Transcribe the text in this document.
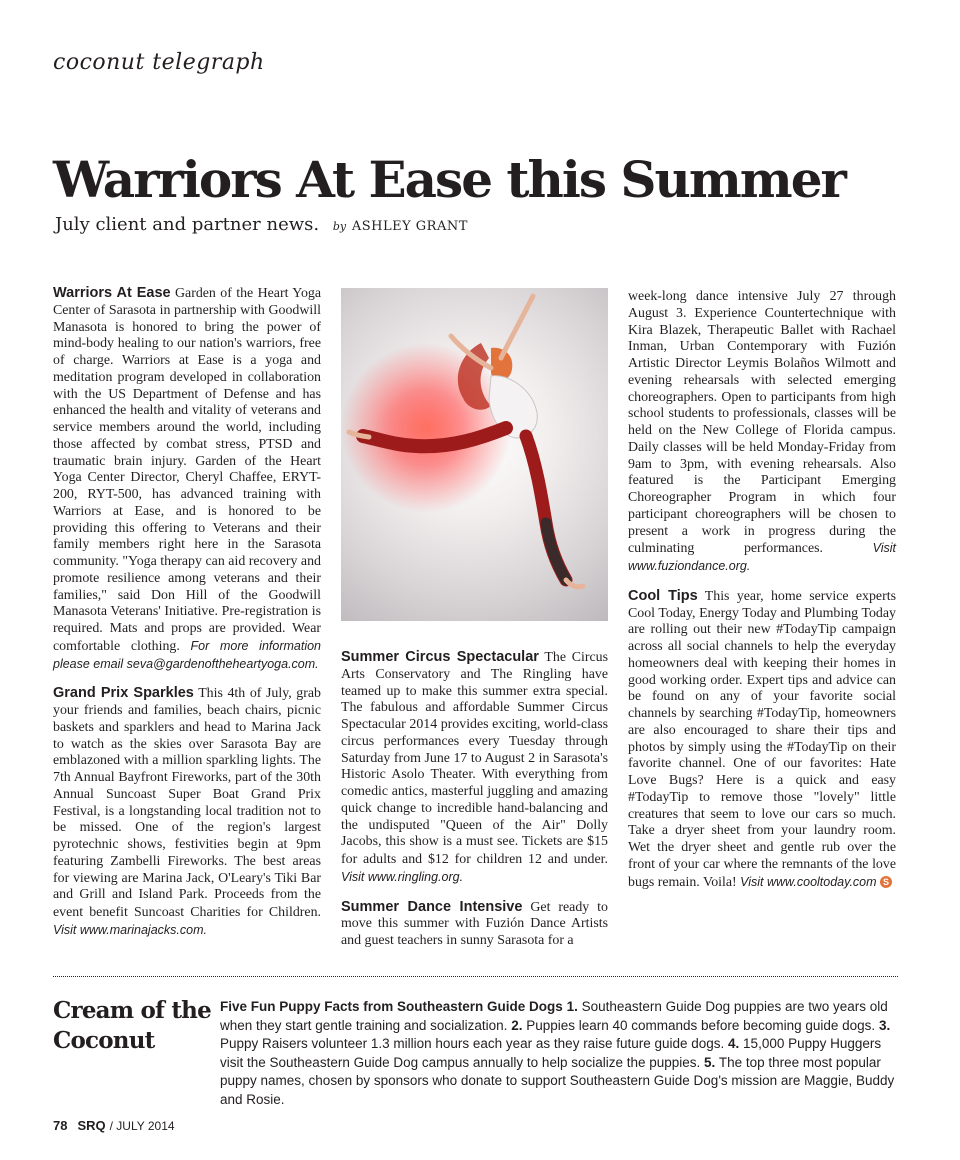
coconut telegraph
Warriors At Ease this Summer
July client and partner news. by ASHLEY GRANT

Warriors At Ease Garden of the Heart Yoga Center of Sarasota in partnership with Goodwill Manasota is honored to bring the power of mind-body healing to our nation's warriors, free of charge. Warriors at Ease is a yoga and meditation program developed in collaboration with the US Department of Defense and has enhanced the health and vitality of veterans and service members around the world, including those affected by combat stress, PTSD and traumatic brain injury. Garden of the Heart Yoga Center Director, Cheryl Chaffee, ERYT-200, RYT-500, has advanced training with Warriors at Ease, and is honored to be providing this offering to Veterans and their family members right here in the Sarasota community. "Yoga therapy can aid recovery and promote resilience among veterans and their families," said Don Hill of the Goodwill Manasota Veterans' Initiative. Pre-registration is required. Mats and props are provided. Wear comfortable clothing. For more information please email seva@gardenoftheheartyoga.com.

Grand Prix Sparkles This 4th of July, grab your friends and families, beach chairs, picnic baskets and sparklers and head to Marina Jack to watch as the skies over Sarasota Bay are emblazoned with a million sparkling lights. The 7th Annual Bayfront Fireworks, part of the 30th Annual Suncoast Super Boat Grand Prix Festival, is a longstanding local tradition not to be missed. One of the region's largest pyrotechnic shows, festivities begin at 9pm featuring Zambelli Fireworks. The best areas for viewing are Marina Jack, O'Leary's Tiki Bar and Grill and Island Park. Proceeds from the event benefit Suncoast Charities for Children. Visit www.marinajacks.com.

Summer Circus Spectacular The Circus Arts Conservatory and The Ringling have teamed up to make this summer extra special. The fabulous and affordable Summer Circus Spectacular 2014 provides exciting, world-class circus performances every Tuesday through Saturday from June 17 to August 2 in Sarasota's Historic Asolo Theater. With everything from comedic antics, masterful juggling and amazing quick change to incredible hand-balancing and the undisputed "Queen of the Air" Dolly Jacobs, this show is a must see. Tickets are $15 for adults and $12 for children 12 and under. Visit www.ringling.org.

Summer Dance Intensive Get ready to move this summer with Fuzión Dance Artists and guest teachers in sunny Sarasota for a

week-long dance intensive July 27 through August 3. Experience Countertechnique with Kira Blazek, Therapeutic Ballet with Rachael Inman, Urban Contemporary with Fuzión Artistic Director Leymis Bolaños Wilmott and evening rehearsals with selected emerging choreographers. Open to participants from high school students to professionals, classes will be held on the New College of Florida campus. Daily classes will be held Monday-Friday from 9am to 3pm, with evening rehearsals. Also featured is the Participant Emerging Choreographer Program in which four participant choreographers will be chosen to present a work in progress during the culminating performances. Visit www.fuziondance.org.

Cool Tips This year, home service experts Cool Today, Energy Today and Plumbing Today are rolling out their new #TodayTip campaign across all social channels to help the everyday homeowners deal with keeping their homes in good working order. Expert tips and advice can be found on any of your favorite social channels by searching #TodayTip, homeowners are also encouraged to share their tips and photos by simply using the #TodayTip on their favorite channel. One of our favorites: Hate Love Bugs? Here is a quick and easy #TodayTip to remove those "lovely" little creatures that seem to love our cars so much. Take a dryer sheet from your laundry room. Wet the dryer sheet and gentle rub over the front of your car where the remnants of the love bugs remain. Voila! Visit www.cooltoday.com S

Cream of the Coconut
Five Fun Puppy Facts from Southeastern Guide Dogs 1. Southeastern Guide Dog puppies are two years old when they start gentle training and socialization. 2. Puppies learn 40 commands before becoming guide dogs. 3. Puppy Raisers volunteer 1.3 million hours each year as they raise future guide dogs. 4. 15,000 Puppy Huggers visit the Southeastern Guide Dog campus annually to help socialize the puppies. 5. The top three most popular puppy names, chosen by sponsors who donate to support Southeastern Guide Dog's mission are Maggie, Buddy and Rosie.
78 SRQ / JULY 2014
